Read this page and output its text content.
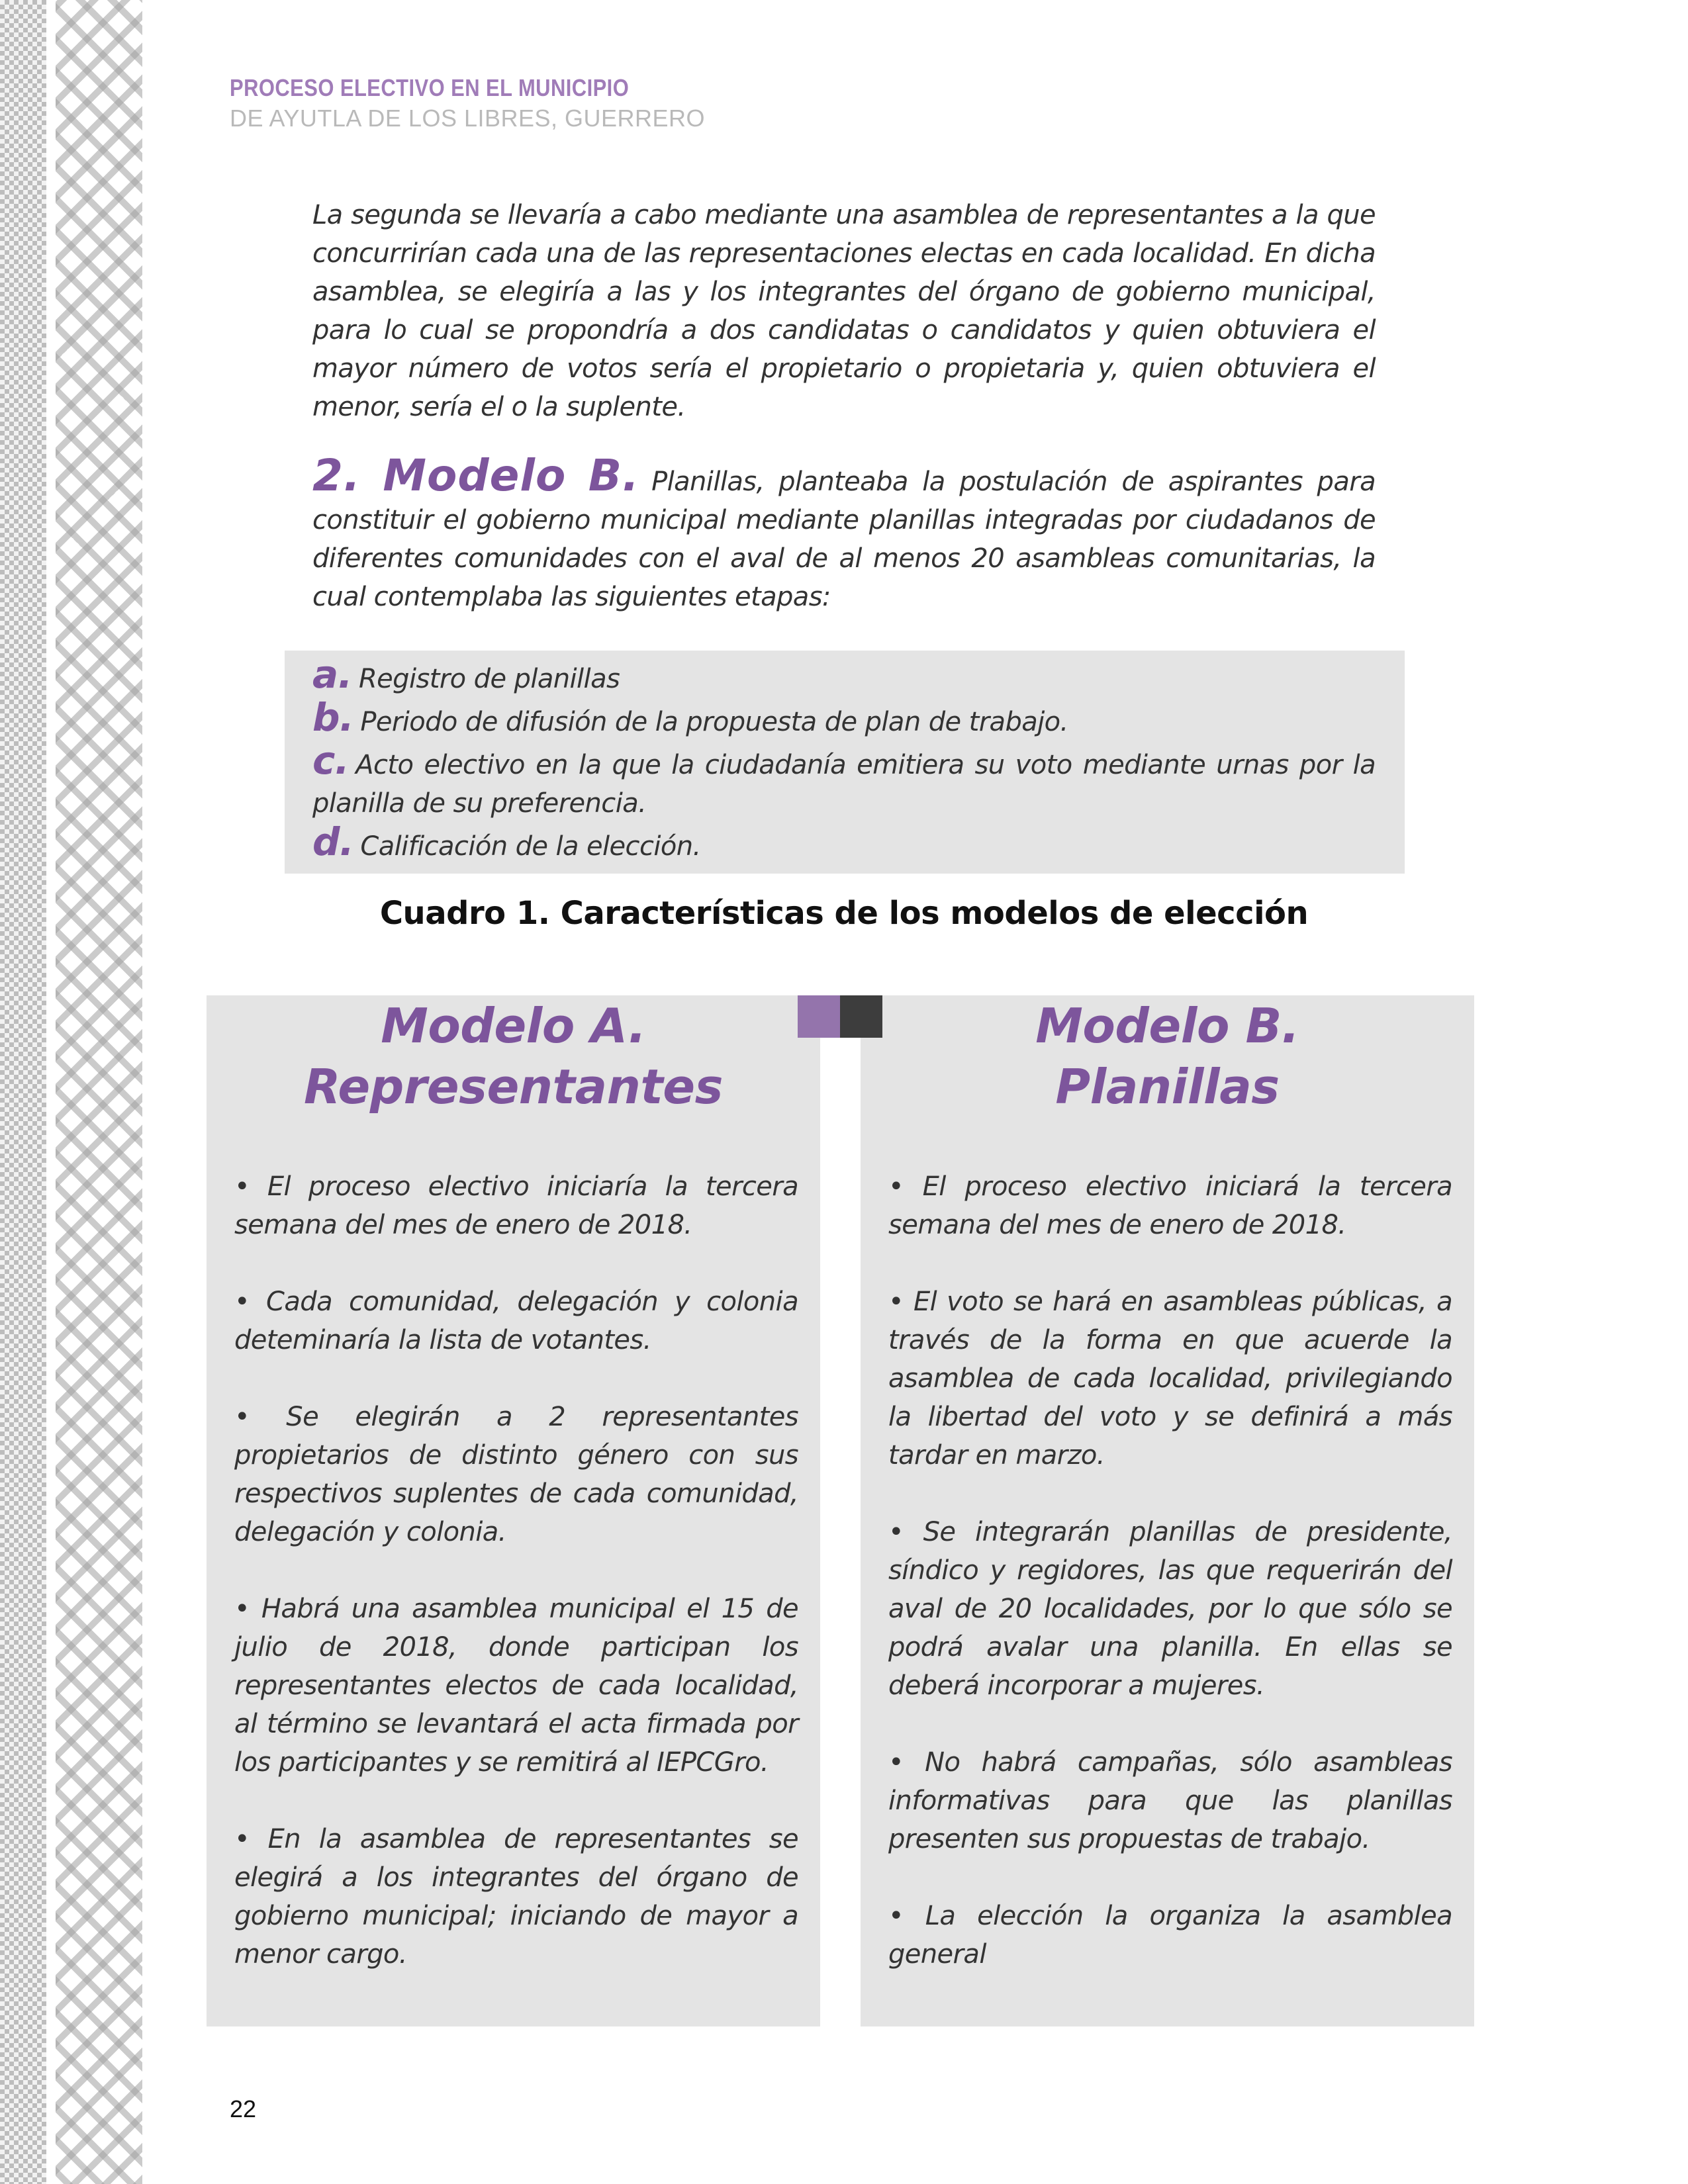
PROCESO ELECTIVO EN EL MUNICIPIO
DE AYUTLA DE LOS LIBRES, GUERRERO

La segunda se llevaría a cabo mediante una asamblea de representantes a la que concurrirían cada una de las representaciones electas en cada localidad. En dicha asamblea, se elegiría a las y los integrantes del órgano de gobierno municipal, para lo cual se propondría a dos candidatas o candidatos y quien obtuviera el mayor número de votos sería el propietario o propietaria y, quien obtuviera el menor, sería el o la suplente.

2. Modelo B. Planillas, planteaba la postulación de aspirantes para constituir el gobierno municipal mediante planillas integradas por ciudadanos de diferentes comunidades con el aval de al menos 20 asambleas comunitarias, la cual contemplaba las siguientes etapas:

a. Registro de planillas
b. Periodo de difusión de la propuesta de plan de trabajo.
c. Acto electivo en la que la ciudadanía emitiera su voto mediante urnas por la planilla de su preferencia.
d. Calificación de la elección.
Cuadro 1. Características de los modelos de elección
Modelo A.
Representantes

• El proceso electivo iniciaría la tercera semana del mes de enero de 2018.

• Cada comunidad, delegación y colonia deteminaría la lista de votantes.

• Se elegirán a 2 representantes propietarios de distinto género con sus respectivos suplentes de cada comunidad, delegación y colonia.

• Habrá una asamblea municipal el 15 de julio de 2018, donde participan los representantes electos de cada localidad, al término se levantará el acta firmada por los participantes y se remitirá al IEPCGro.

• En la asamblea de representantes se elegirá a los integrantes del órgano de gobierno municipal; iniciando de mayor a menor cargo.

Modelo B.
Planillas

• El proceso electivo iniciará la tercera semana del mes de enero de 2018.

• El voto se hará en asambleas públicas, a través de la forma en que acuerde la asamblea de cada localidad, privilegiando la libertad del voto y se definirá a más tardar en marzo.

• Se integrarán planillas de presidente, síndico y regidores, las que requerirán del aval de 20 localidades, por lo que sólo se podrá avalar una planilla. En ellas se deberá incorporar a mujeres.

• No habrá campañas, sólo asambleas informativas para que las planillas presenten sus propuestas de trabajo.

• La elección la organiza la asamblea general

22
